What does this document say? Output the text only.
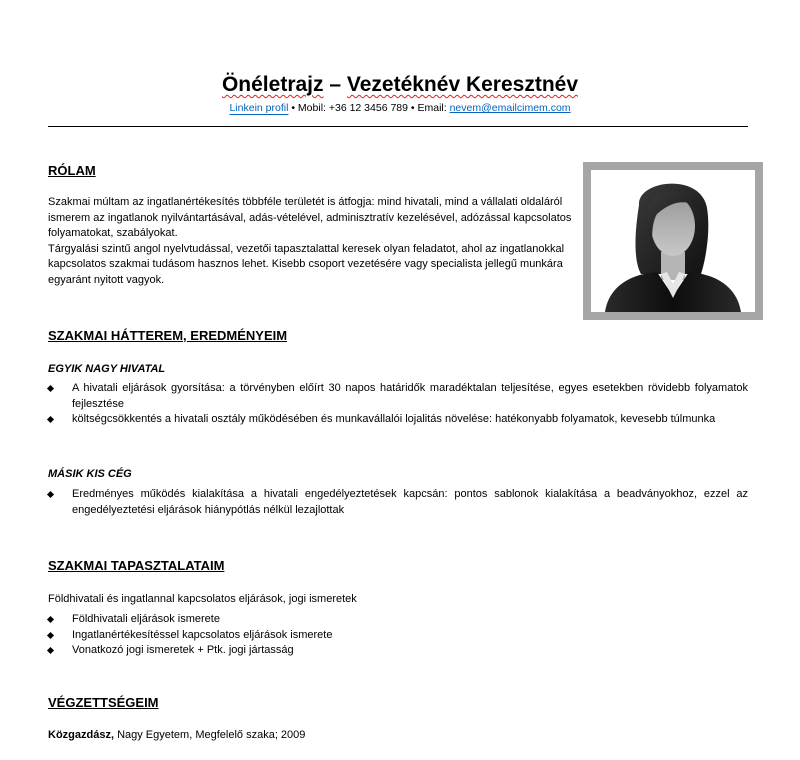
Önéletrajz – Vezetéknév Keresztnév
Linkein profil • Mobil: +36 12 3456 789 • Email: nevem@emailcimem.com
RÓLAM

Szakmai múltam az ingatlanértékesítés többféle területét is átfogja: mind hivatali, mind a vállalati oldaláról ismerem az ingatlanok nyilvántartásával, adás-vételével, adminisztratív kezelésével, adózással kapcsolatos folyamatokat, szabályokat.

Tárgyalási szintű angol nyelvtudással, vezetői tapasztalattal keresek olyan feladatot, ahol az ingatlanokkal kapcsolatos szakmai tudásom hasznos lehet. Kisebb csoport vezetésére vagy specialista jellegű munkára egyaránt nyitott vagyok.

SZAKMAI HÁTTEREM, EREDMÉNYEIM
EGYIK NAGY HIVATAL
A hivatali eljárások gyorsítása: a törvényben előírt 30 napos határidők maradéktalan teljesítése, egyes esetekben rövidebb folyamatok fejlesztése
költségcsökkentés a hivatali osztály működésében és munkavállalói lojalitás növelése: hatékonyabb folyamatok, kevesebb túlmunka
MÁSIK KIS CÉG
Eredményes működés kialakítása a hivatali engedélyeztetések kapcsán: pontos sablonok kialakítása a beadványokhoz, ezzel az engedélyeztetési eljárások hiánypótlás nélkül lezajlottak
SZAKMAI TAPASZTALATAIM
Földhivatali és ingatlannal kapcsolatos eljárások, jogi ismeretek
Földhivatali eljárások ismerete
Ingatlanértékesítéssel kapcsolatos eljárások ismerete
Vonatkozó jogi ismeretek + Ptk. jogi jártasság
VÉGZETTSÉGEIM
Közgazdász, Nagy Egyetem, Megfelelő szaka; 2009
